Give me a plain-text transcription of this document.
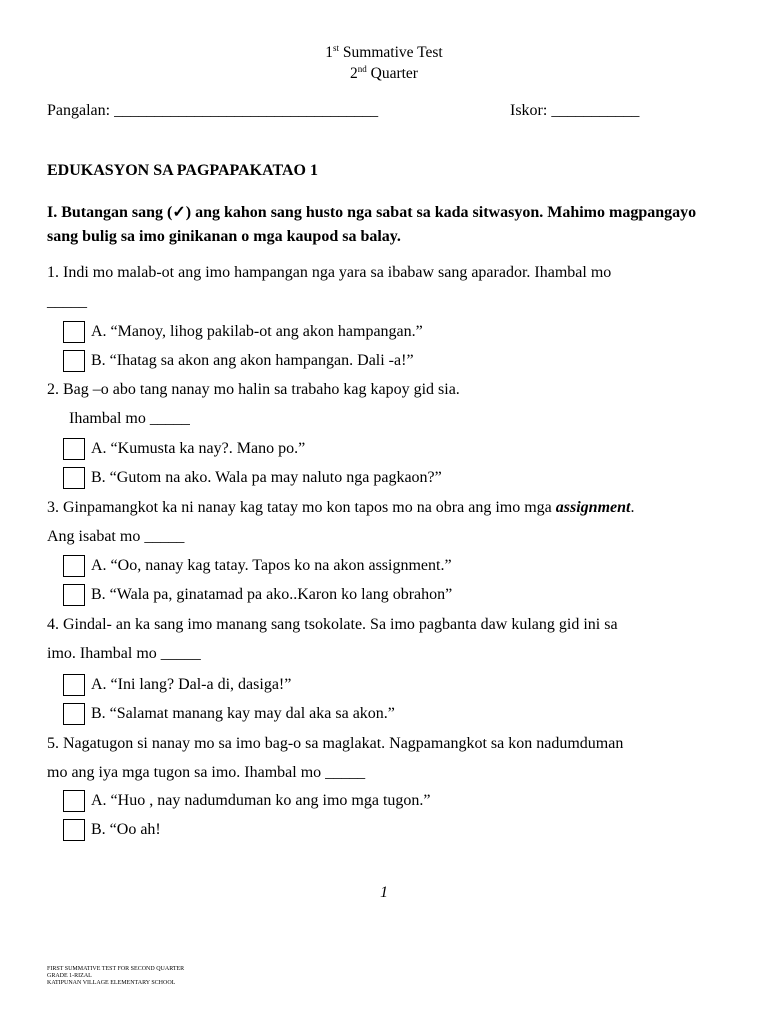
1st Summative Test
2nd Quarter
Pangalan: _________________________________	Iskor: ___________
EDUKASYON SA PAGPAPAKATAO 1
I. Butangan sang (✓) ang kahon sang husto nga sabat sa kada sitwasyon. Mahimo magpangayo sang bulig sa imo ginikanan o mga kaupod sa balay.
1. Indi mo malab-ot ang imo hampangan nga yara sa ibabaw sang aparador. Ihambal mo
_____
A. “Manoy, lihog pakilab-ot ang akon hampangan.”
B. “Ihatag sa akon ang akon hampangan. Dali -a!”
2. Bag –o abo tang nanay mo halin sa trabaho kag kapoy gid sia.
Ihambal mo _____
A. “Kumusta ka nay?. Mano po.”
B. “Gutom na ako. Wala pa may naluto nga pagkaon?”
3. Ginpamangkot ka ni nanay kag tatay mo kon tapos mo na obra ang imo mga assignment.
Ang isabat mo _____
A. “Oo, nanay kag tatay. Tapos ko na akon assignment.”
B. “Wala pa, ginatamad pa ako..Karon ko lang obrahon”
4. Gindal- an ka sang imo manang sang tsokolate. Sa imo pagbanta daw kulang gid ini sa
imo. Ihambal mo _____
A. “Ini lang? Dal-a di, dasiga!”
B. “Salamat manang kay may dal aka sa akon.”
5. Nagatugon si nanay mo sa imo bag-o sa maglakat. Nagpamangkot sa kon nadumduman
mo ang iya mga tugon sa imo. Ihambal mo _____
A. “Huo , nay nadumduman ko ang imo mga tugon.”
B. “Oo ah!
1
FIRST SUMMATIVE TEST FOR SECOND QUARTER
GRADE 1-RIZAL
KATIPUNAN VILLAGE ELEMENTARY SCHOOL
